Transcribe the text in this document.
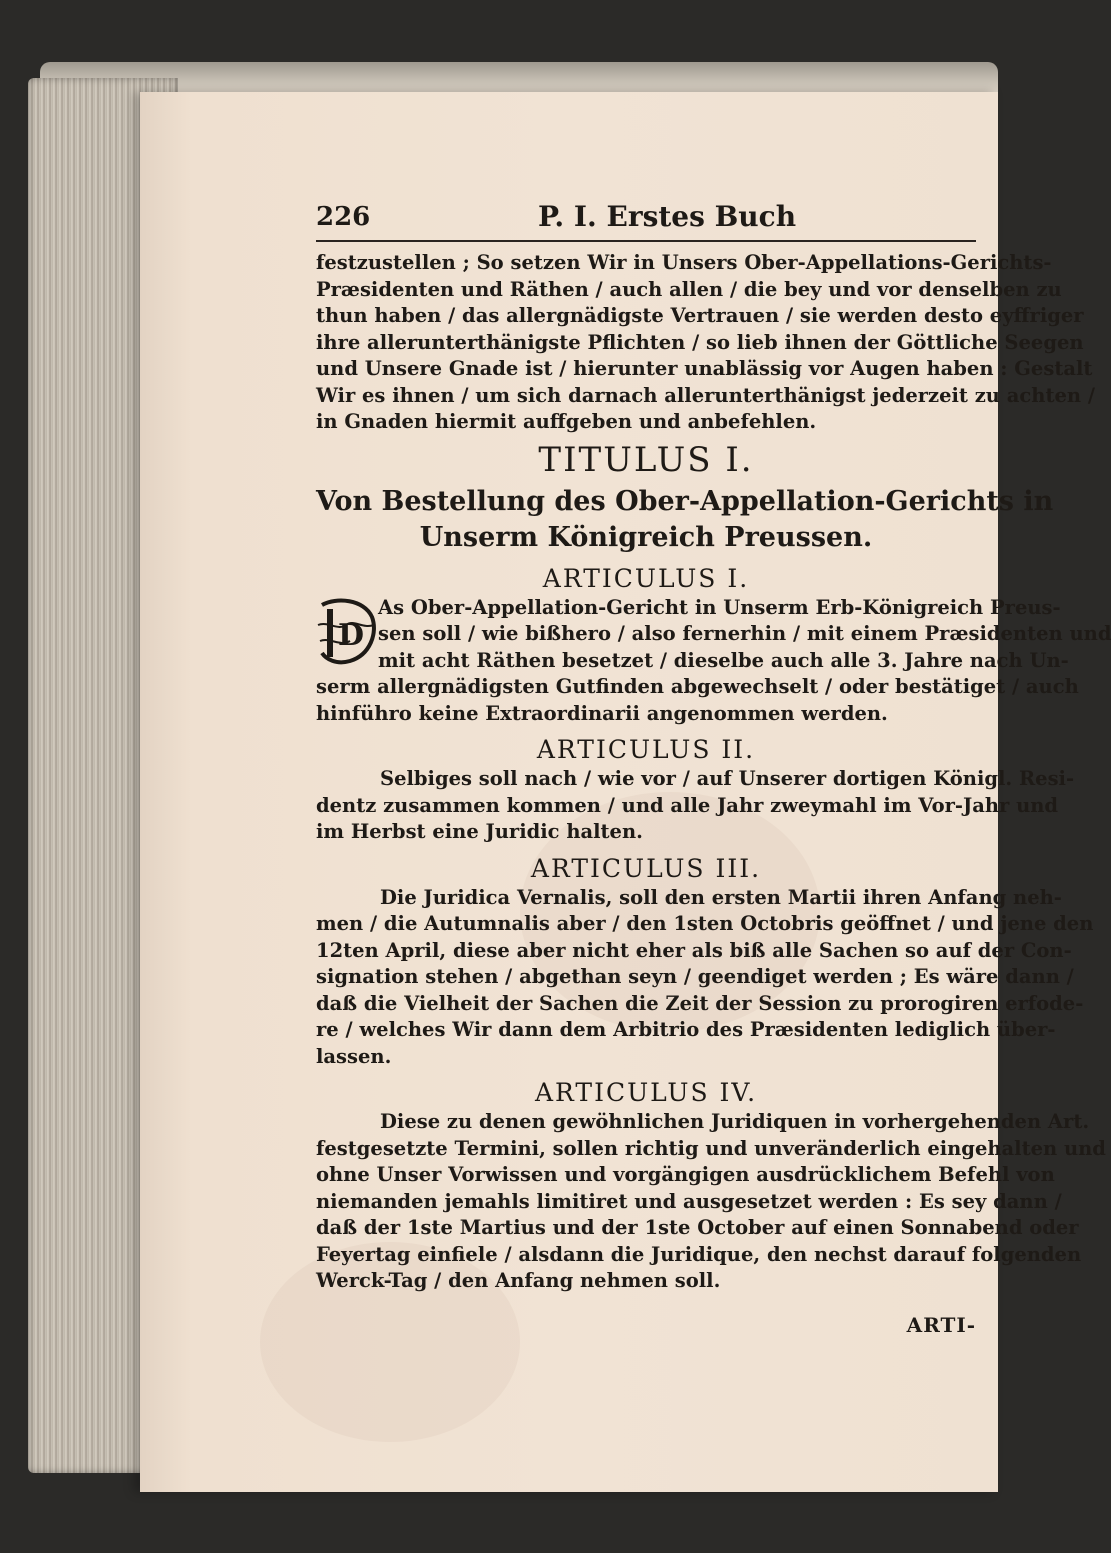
226	P. I. Erstes Buch

festzustellen ; So setzen Wir in Unsers Ober-Appellations-Gerichts-
Præsidenten und Räthen / auch allen / die bey und vor denselben zu
thun haben / das allergnädigste Vertrauen / sie werden desto eyffriger
ihre allerunterthänigste Pflichten / so lieb ihnen der Göttliche Seegen
und Unsere Gnade ist / hierunter unablässig vor Augen haben : Gestalt
Wir es ihnen / um sich darnach allerunterthänigst jederzeit zu achten /
in Gnaden hiermit auffgeben und anbefehlen.

TITULUS I.
Von Bestellung des Ober-Appellation-Gerichts in
Unserm Königreich Preussen.
ARTICULUS I.
D

As Ober-Appellation-Gericht in Unserm Erb-Königreich Preus-
sen soll / wie bißhero / also fernerhin / mit einem Præsidenten und
mit acht Räthen besetzet / dieselbe auch alle 3. Jahre nach Un-
serm allergnädigsten Gutfinden abgewechselt / oder bestätiget / auch
hinführo keine Extraordinarii angenommen werden.

ARTICULUS II.

Selbiges soll nach / wie vor / auf Unserer dortigen Königl. Resi-
dentz zusammen kommen / und alle Jahr zweymahl im Vor-Jahr und
im Herbst eine Juridic halten.

ARTICULUS III.

Die Juridica Vernalis, soll den ersten Martii ihren Anfang neh-
men / die Autumnalis aber / den 1sten Octobris geöffnet / und jene den
12ten April, diese aber nicht eher als biß alle Sachen so auf der Con-
signation stehen / abgethan seyn / geendiget werden ; Es wäre dann /
daß die Vielheit der Sachen die Zeit der Session zu prorogiren erfode-
re / welches Wir dann dem Arbitrio des Præsidenten lediglich über-
lassen.

ARTICULUS IV.

Diese zu denen gewöhnlichen Juridiquen in vorhergehenden Art.
festgesetzte Termini, sollen richtig und unveränderlich eingehalten und
ohne Unser Vorwissen und vorgängigen ausdrücklichem Befehl von
niemanden jemahls limitiret und ausgesetzet werden : Es sey dann /
daß der 1ste Martius und der 1ste October auf einen Sonnabend oder
Feyertag einfiele / alsdann die Juridique, den nechst darauf folgenden
Werck-Tag / den Anfang nehmen soll.

ARTI-
